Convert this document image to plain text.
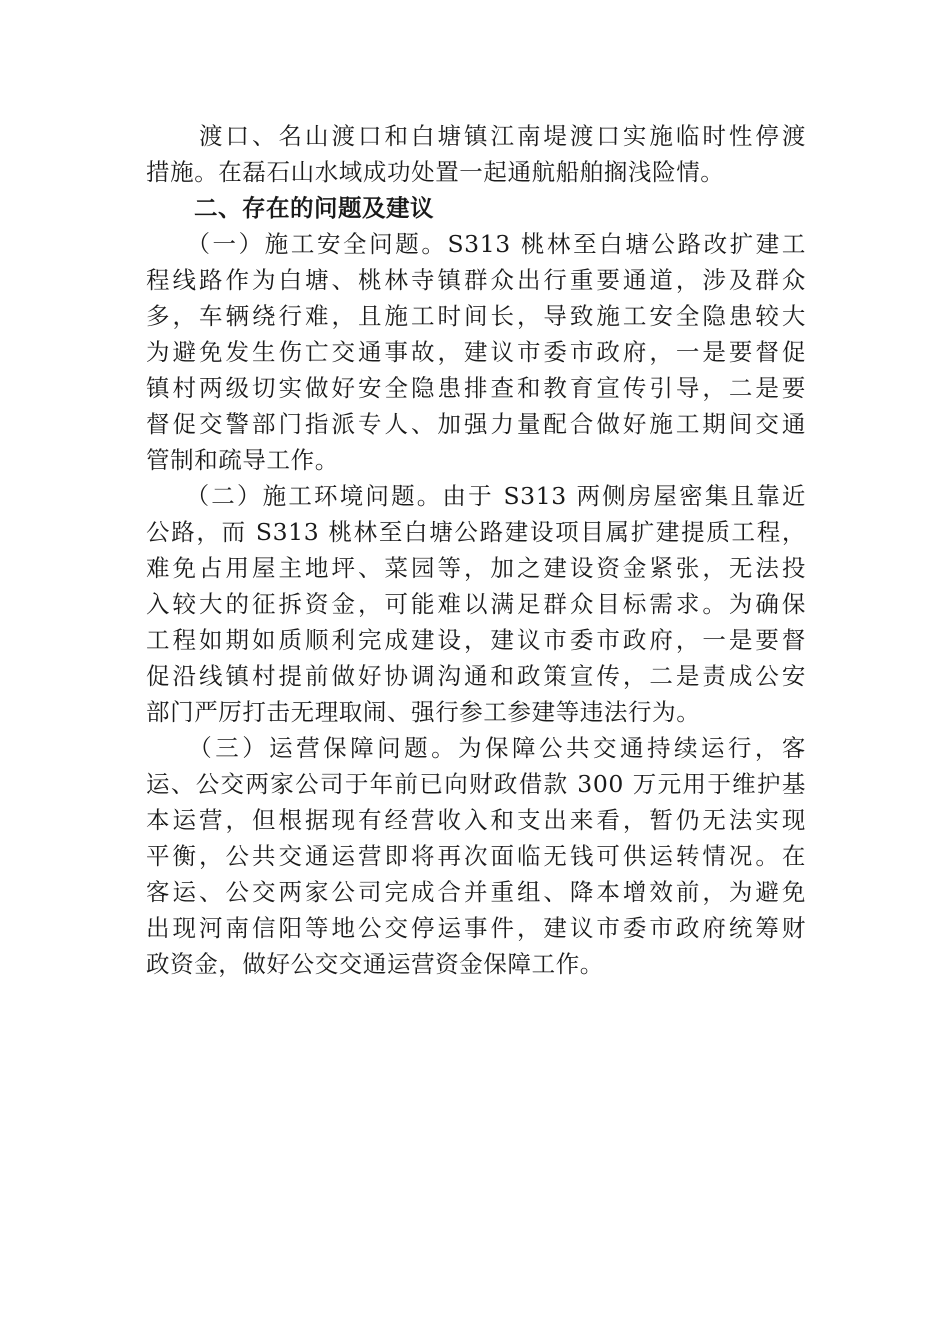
　　渡口、名山渡口和白塘镇江南堤渡口实施临时性停渡
措施。在磊石山水域成功处置一起通航船舶搁浅险情。

　　二、存在的问题及建议

　　（一）施工安全问题。S313 桃林至白塘公路改扩建工
程线路作为白塘、桃林寺镇群众出行重要通道，涉及群众
多，车辆绕行难，且施工时间长，导致施工安全隐患较大
为避免发生伤亡交通事故，建议市委市政府，一是要督促
镇村两级切实做好安全隐患排查和教育宣传引导，二是要
督促交警部门指派专人、加强力量配合做好施工期间交通
管制和疏导工作。

　　（二）施工环境问题。由于 S313 两侧房屋密集且靠近
公路，而 S313 桃林至白塘公路建设项目属扩建提质工程，
难免占用屋主地坪、菜园等，加之建设资金紧张，无法投
入较大的征拆资金，可能难以满足群众目标需求。为确保
工程如期如质顺利完成建设，建议市委市政府，一是要督
促沿线镇村提前做好协调沟通和政策宣传，二是责成公安
部门严厉打击无理取闹、强行参工参建等违法行为。

　　（三）运营保障问题。为保障公共交通持续运行，客
运、公交两家公司于年前已向财政借款 300 万元用于维护基
本运营，但根据现有经营收入和支出来看，暂仍无法实现
平衡，公共交通运营即将再次面临无钱可供运转情况。在
客运、公交两家公司完成合并重组、降本增效前，为避免
出现河南信阳等地公交停运事件，建议市委市政府统筹财
政资金，做好公交交通运营资金保障工作。
